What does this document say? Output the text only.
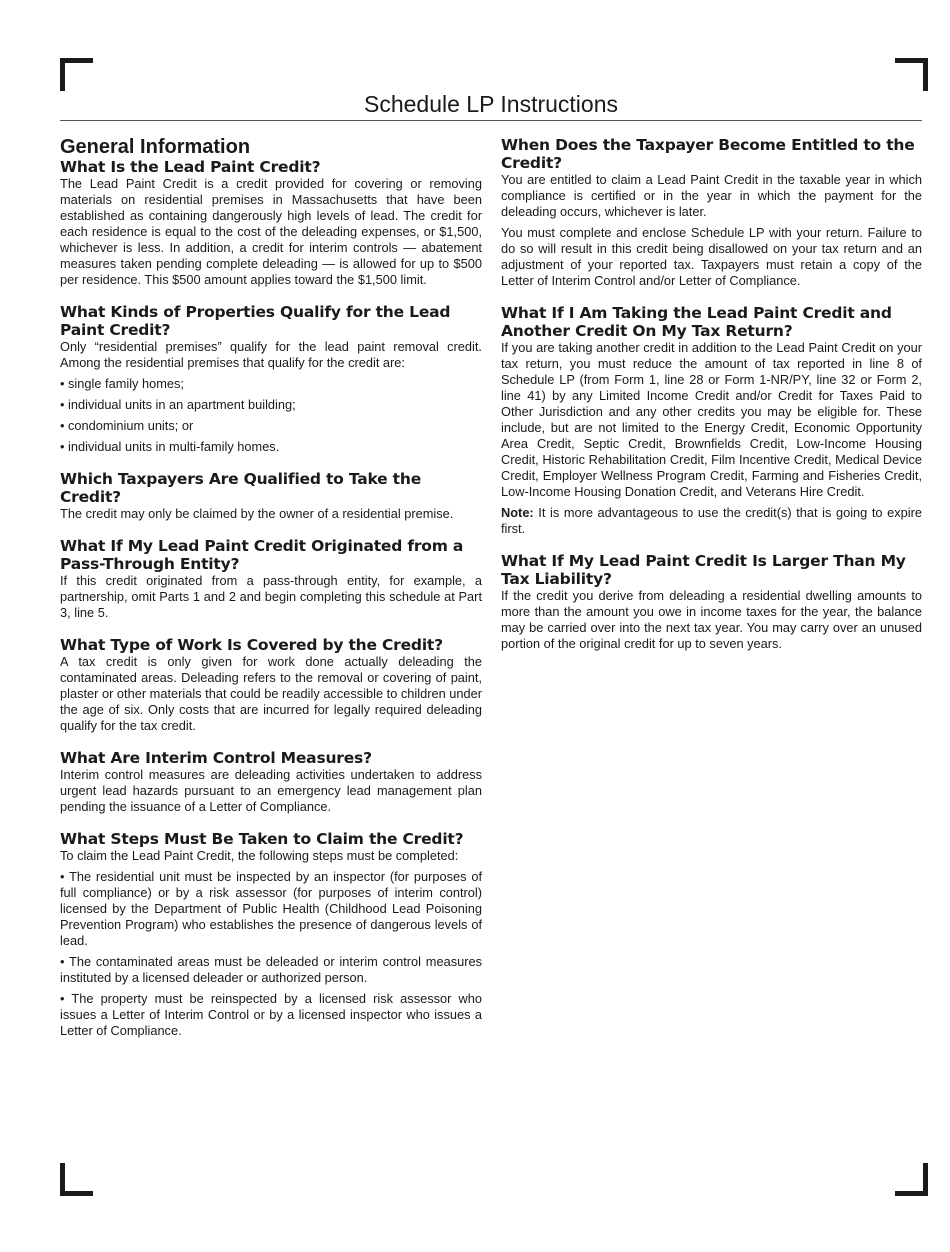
Schedule LP Instructions
General Information
What Is the Lead Paint Credit?

The Lead Paint Credit is a credit provided for covering or removing materials on residential premises in Massachusetts that have been established as containing dangerously high levels of lead. The credit for each residence is equal to the cost of the deleading expenses, or $1,500, whichever is less. In addition, a credit for interim controls — abatement measures taken pending complete deleading — is allowed for up to $500 per residence. This $500 amount applies toward the $1,500 limit.

What Kinds of Properties Qualify for the Lead Paint Credit?

Only “residential premises” qualify for the lead paint removal credit. Among the residential premises that qualify for the credit are:

• single family homes;

• individual units in an apartment building;

• condominium units; or

• individual units in multi-family homes.

Which Taxpayers Are Qualified to Take the Credit?

The credit may only be claimed by the owner of a residential premise.

What If My Lead Paint Credit Originated from a Pass-Through Entity?

If this credit originated from a pass-through entity, for example, a partnership, omit Parts 1 and 2 and begin completing this schedule at Part 3, line 5.

What Type of Work Is Covered by the Credit?

A tax credit is only given for work done actually deleading the contaminated areas. Deleading refers to the removal or covering of paint, plaster or other materials that could be readily accessible to children under the age of six. Only costs that are incurred for legally required deleading qualify for the tax credit.

What Are Interim Control Measures?

Interim control measures are deleading activities undertaken to address urgent lead hazards pursuant to an emergency lead management plan pending the issuance of a Letter of Compliance.

What Steps Must Be Taken to Claim the Credit?

To claim the Lead Paint Credit, the following steps must be completed:

• The residential unit must be inspected by an inspector (for purposes of full compliance) or by a risk assessor (for purposes of interim control) licensed by the Department of Public Health (Childhood Lead Poisoning Prevention Program) who establishes the presence of dangerous levels of lead.

• The contaminated areas must be deleaded or interim control measures instituted by a licensed deleader or authorized person.

• The property must be reinspected by a licensed risk assessor who issues a Letter of Interim Control or by a licensed inspector who issues a Letter of Compliance.

When Does the Taxpayer Become Entitled to the Credit?

You are entitled to claim a Lead Paint Credit in the taxable year in which compliance is certified or in the year in which the payment for the deleading occurs, whichever is later.

You must complete and enclose Schedule LP with your return. Failure to do so will result in this credit being disallowed on your tax return and an adjustment of your reported tax. Taxpayers must retain a copy of the Letter of Interim Control and/or Letter of Compliance.

What If I Am Taking the Lead Paint Credit and Another Credit On My Tax Return?

If you are taking another credit in addition to the Lead Paint Credit on your tax return, you must reduce the amount of tax reported in line 8 of Schedule LP (from Form 1, line 28 or Form 1-NR/PY, line 32 or Form 2, line 41) by any Limited Income Credit and/or Credit for Taxes Paid to Other Jurisdiction and any other credits you may be eligible for. These include, but are not limited to the Energy Credit, Economic Opportunity Area Credit, Septic Credit, Brownfields Credit, Low-Income Housing Credit, Historic Rehabilitation Credit, Film Incentive Credit, Medical Device Credit, Employer Wellness Program Credit, Farming and Fisheries Credit, Low-Income Housing Donation Credit, and Veterans Hire Credit.

Note: It is more advantageous to use the credit(s) that is going to expire first.

What If My Lead Paint Credit Is Larger Than My Tax Liability?

If the credit you derive from deleading a residential dwelling amounts to more than the amount you owe in income taxes for the year, the balance may be carried over into the next tax year. You may carry over an unused portion of the original credit for up to seven years.
